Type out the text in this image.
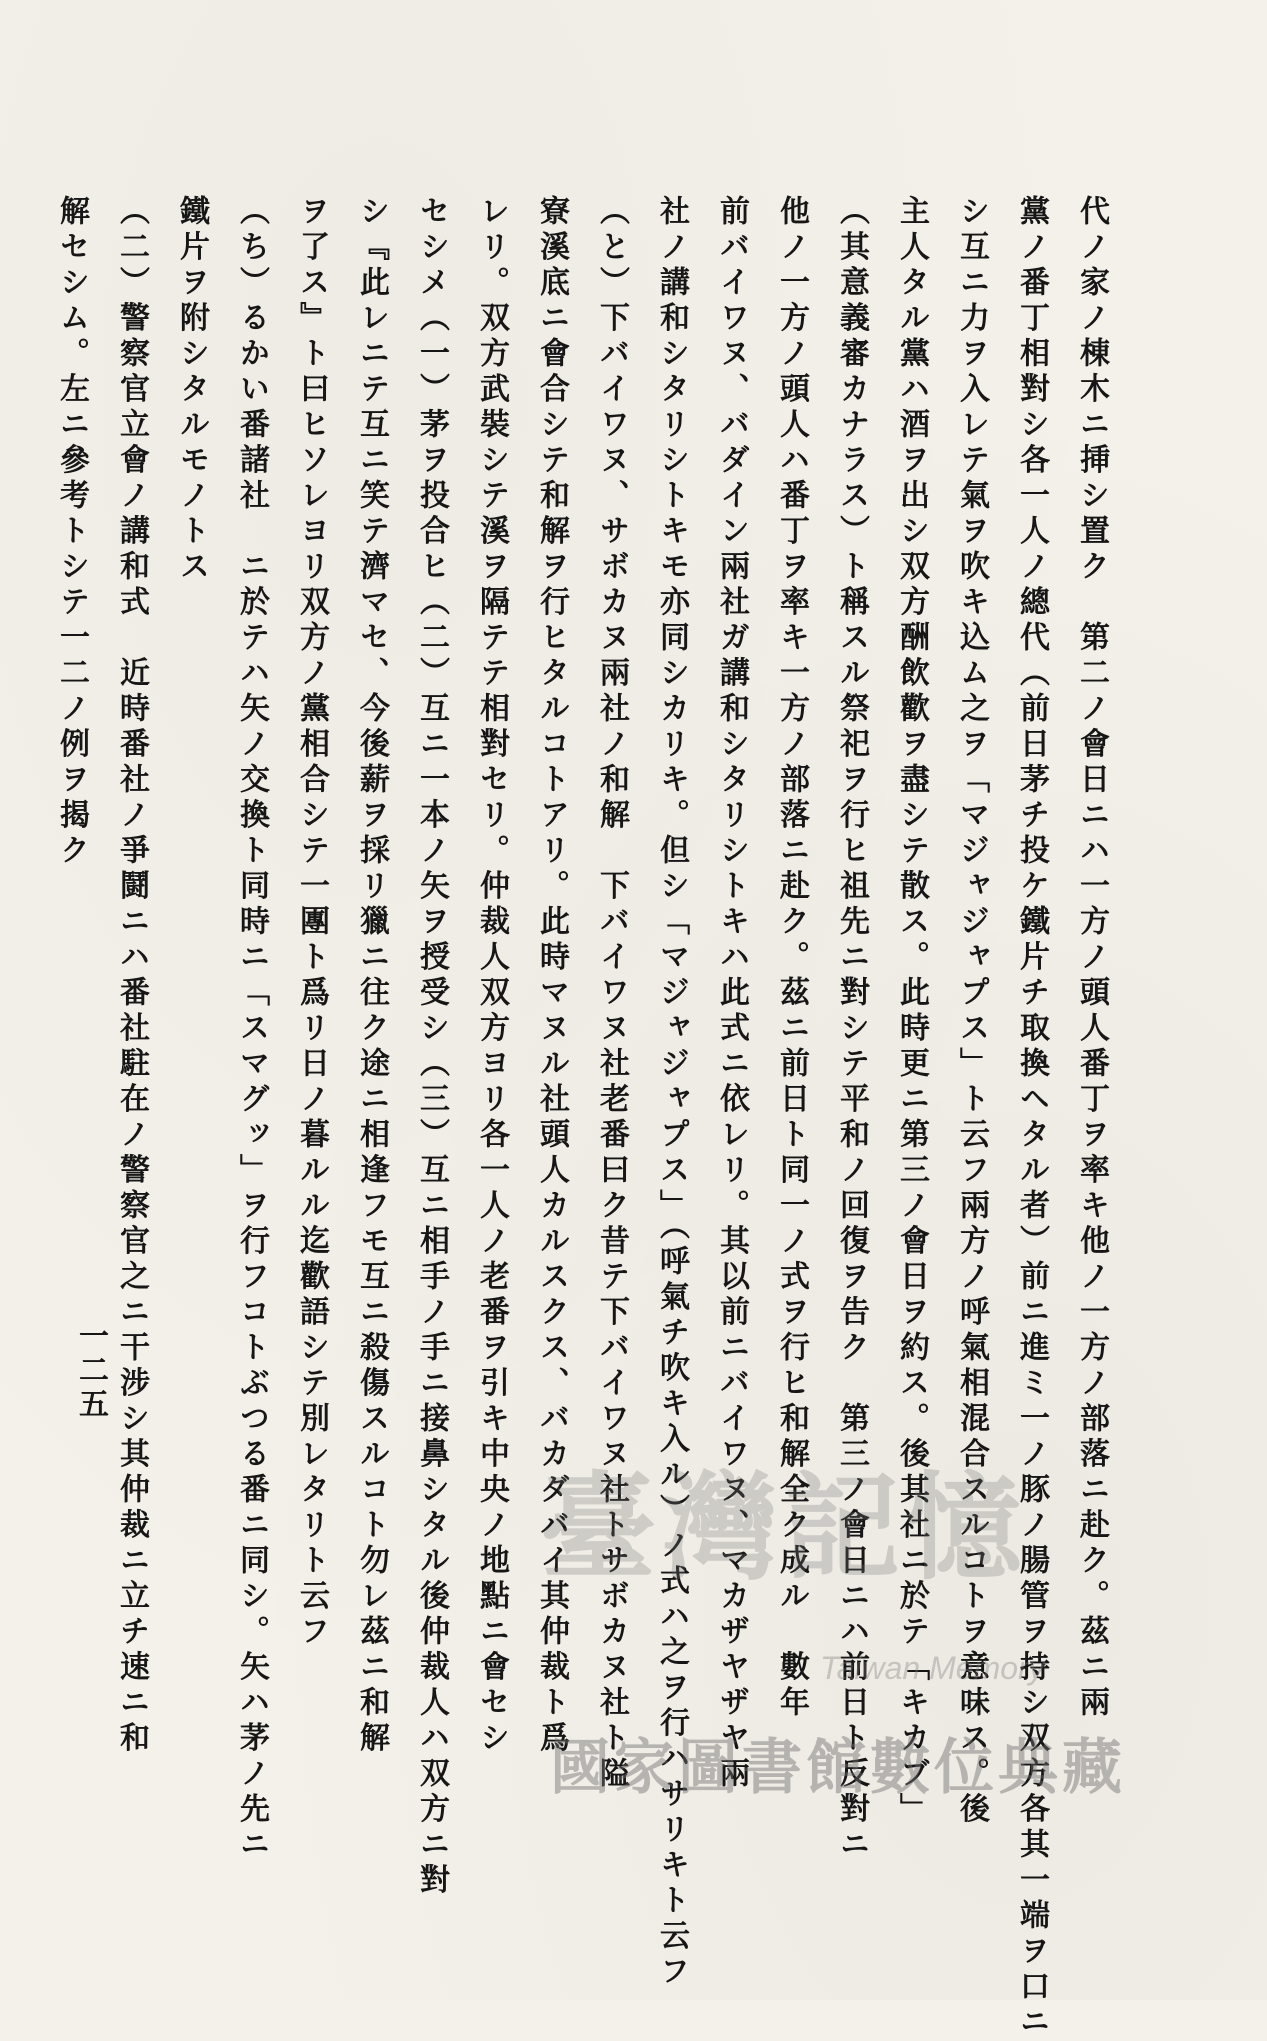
代ノ家ノ棟木ニ挿シ置ク　第二ノ會日ニハ一方ノ頭人番丁ヲ率キ他ノ一方ノ部落ニ赴ク。茲ニ兩
黨ノ番丁相對シ各一人ノ總代（前日茅チ投ケ鐵片チ取換ヘタル者）前ニ進ミ一ノ豚ノ腸管ヲ持シ双方各其一端ヲ口ニ
シ互ニ力ヲ入レテ氣ヲ吹キ込ム之ヲ「マジャジャプス」ト云フ兩方ノ呼氣相混合スルコトヲ意味ス。後
主人タル黨ハ酒ヲ出シ双方酬飲歡ヲ盡シテ散ス。此時更ニ第三ノ會日ヲ約ス。後其社ニ於テ「キカブ」
（其意義審カナラス）ト稱スル祭祀ヲ行ヒ祖先ニ對シテ平和ノ回復ヲ告ク　第三ノ會日ニハ前日ト反對ニ
他ノ一方ノ頭人ハ番丁ヲ率キ一方ノ部落ニ赴ク。茲ニ前日ト同一ノ式ヲ行ヒ和解全ク成ル　數年
前バイワヌ、バダイン兩社ガ講和シタリシトキハ此式ニ依レリ。其以前ニバイワヌ、マカザヤザヤ兩
社ノ講和シタリシトキモ亦同シカリキ。但シ「マジャジャプス」（呼氣チ吹キ入ル）ノ式ハ之ヲ行ハサリキト云フ
（と）下バイワヌ、サボカヌ兩社ノ和解　下バイワヌ社老番曰ク昔テ下バイワヌ社トサボカヌ社ト隘
寮溪底ニ會合シテ和解ヲ行ヒタルコトアリ。此時マヌル社頭人カルスクス、バカダバイ其仲裁ト爲
レリ。双方武裝シテ溪ヲ隔テテ相對セリ。仲裁人双方ヨリ各一人ノ老番ヲ引キ中央ノ地點ニ會セシ
セシメ（一）茅ヲ投合ヒ（二）互ニ一本ノ矢ヲ授受シ（三）互ニ相手ノ手ニ接鼻シタル後仲裁人ハ双方ニ對
シ『此レニテ互ニ笑テ濟マセ、今後薪ヲ採リ獵ニ往ク途ニ相逢フモ互ニ殺傷スルコト勿レ茲ニ和解
ヲ了ス』ト曰ヒソレヨリ双方ノ黨相合シテ一團ト爲リ日ノ暮ルル迄歡語シテ別レタリト云フ
（ち）るかい番諸社　ニ於テハ矢ノ交換ト同時ニ「スマグッ」ヲ行フコトぶつる番ニ同シ。矢ハ茅ノ先ニ
鐵片ヲ附シタルモノトス
（二）警察官立會ノ講和式　近時番社ノ爭鬪ニハ番社駐在ノ警察官之ニ干涉シ其仲裁ニ立チ速ニ和
解セシム。左ニ參考トシテ一二ノ例ヲ揭ク
一二五
臺灣記憶
Taiwan Memory
國家圖書館數位典藏
